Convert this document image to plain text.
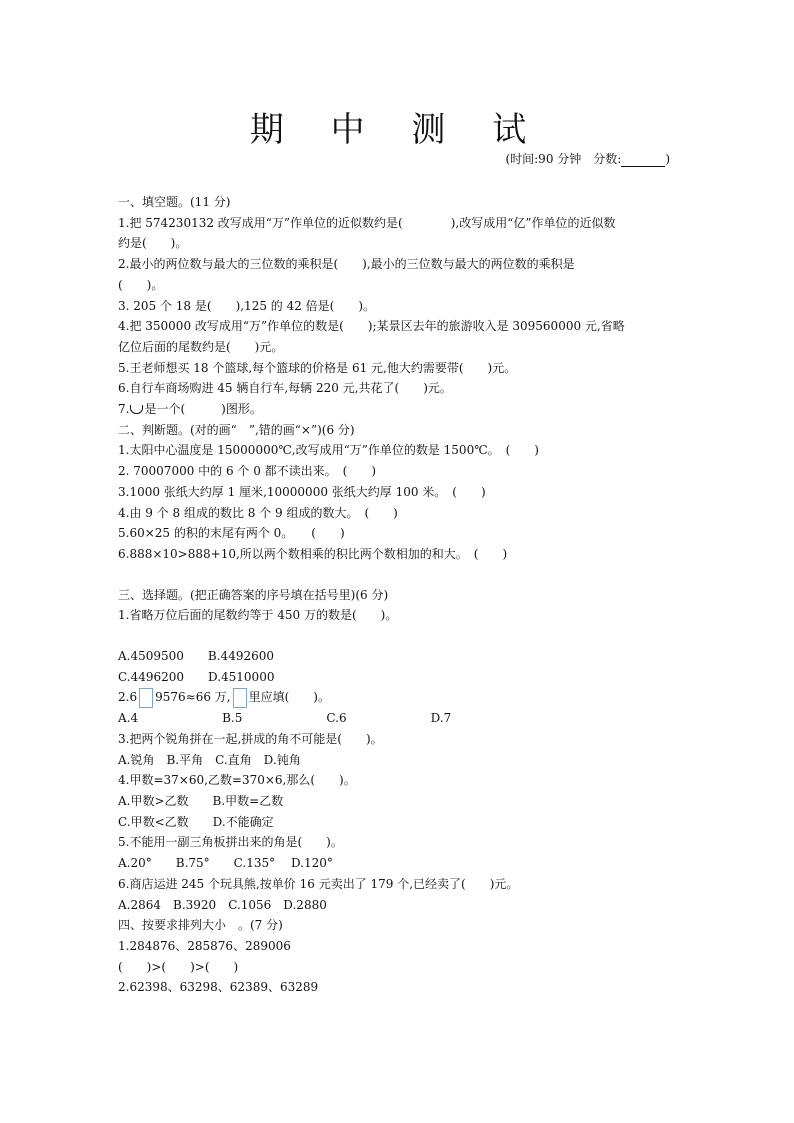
期 中 测 试
(时间:90 分钟　分数:	)
一、填空题。(11 分)
1.把 574230132 改写成用“万”作单位的近似数约是(　　　　),改写成用“亿”作单位的近似数
约是(　　)。
2.最小的两位数与最大的三位数的乘积是(　　),最小的三位数与最大的两位数的乘积是
(　　)。
3. 205 个 18 是(　　),125 的 42 倍是(　　)。
4.把 350000 改写成用“万”作单位的数是(　　);某景区去年的旅游收入是 309560000 元,省略
亿位后面的尾数约是(　　)元。
5.王老师想买 18 个篮球,每个篮球的价格是 61 元,他大约需要带(　　)元。
6.自行车商场购进 45 辆自行车,每辆 220 元,共花了(　　)元。
7. 是一个(　　　)图形。
二、判断题。(对的画“　”,错的画“×”)(6 分)
1.太阳中心温度是 15000000℃,改写成用“万”作单位的数是 1500℃。　(　　)
2. 70007000 中的 6 个 0 都不读出来。　(　　)
3.1000 张纸大约厚 1 厘米,10000000 张纸大约厚 100 米。　(　　)
4.由 9 个 8 组成的数比 8 个 9 组成的数大。　(　　)
5.60×25 的积的末尾有两个 0。　　(　　)
6.888×10>888+10,所以两个数相乘的积比两个数相加的和大。　(　　)
三、选择题。(把正确答案的序号填在括号里)(6 分)
1.省略万位后面的尾数约等于 450 万的数是(　　)。
A.4509500　　B.4492600
C.4496200　　D.4510000
2.6 9576≈66 万, 里应填(　　)。
A.4　　　　　　　B.5　　　　　　　C.6　　　　　　　D.7
3.把两个锐角拼在一起,拼成的角不可能是(　　)。
A.锐角　B.平角　C.直角　D.钝角
4.甲数=37×60,乙数=370×6,那么(　　)。
A.甲数>乙数　　B.甲数=乙数
C.甲数<乙数　　D.不能确定
5.不能用一副三角板拼出来的角是(　　)。
A.20°　　B.75°　　C.135°　 D.120°
6.商店运进 245 个玩具熊,按单价 16 元卖出了 179 个,已经卖了(　　)元。
A.2864　B.3920　C.1056　D.2880
四、按要求排列大小　。(7 分)
1.284876、285876、289006
(　　)>(　　)>(　　)
2.62398、63298、62389、63289
